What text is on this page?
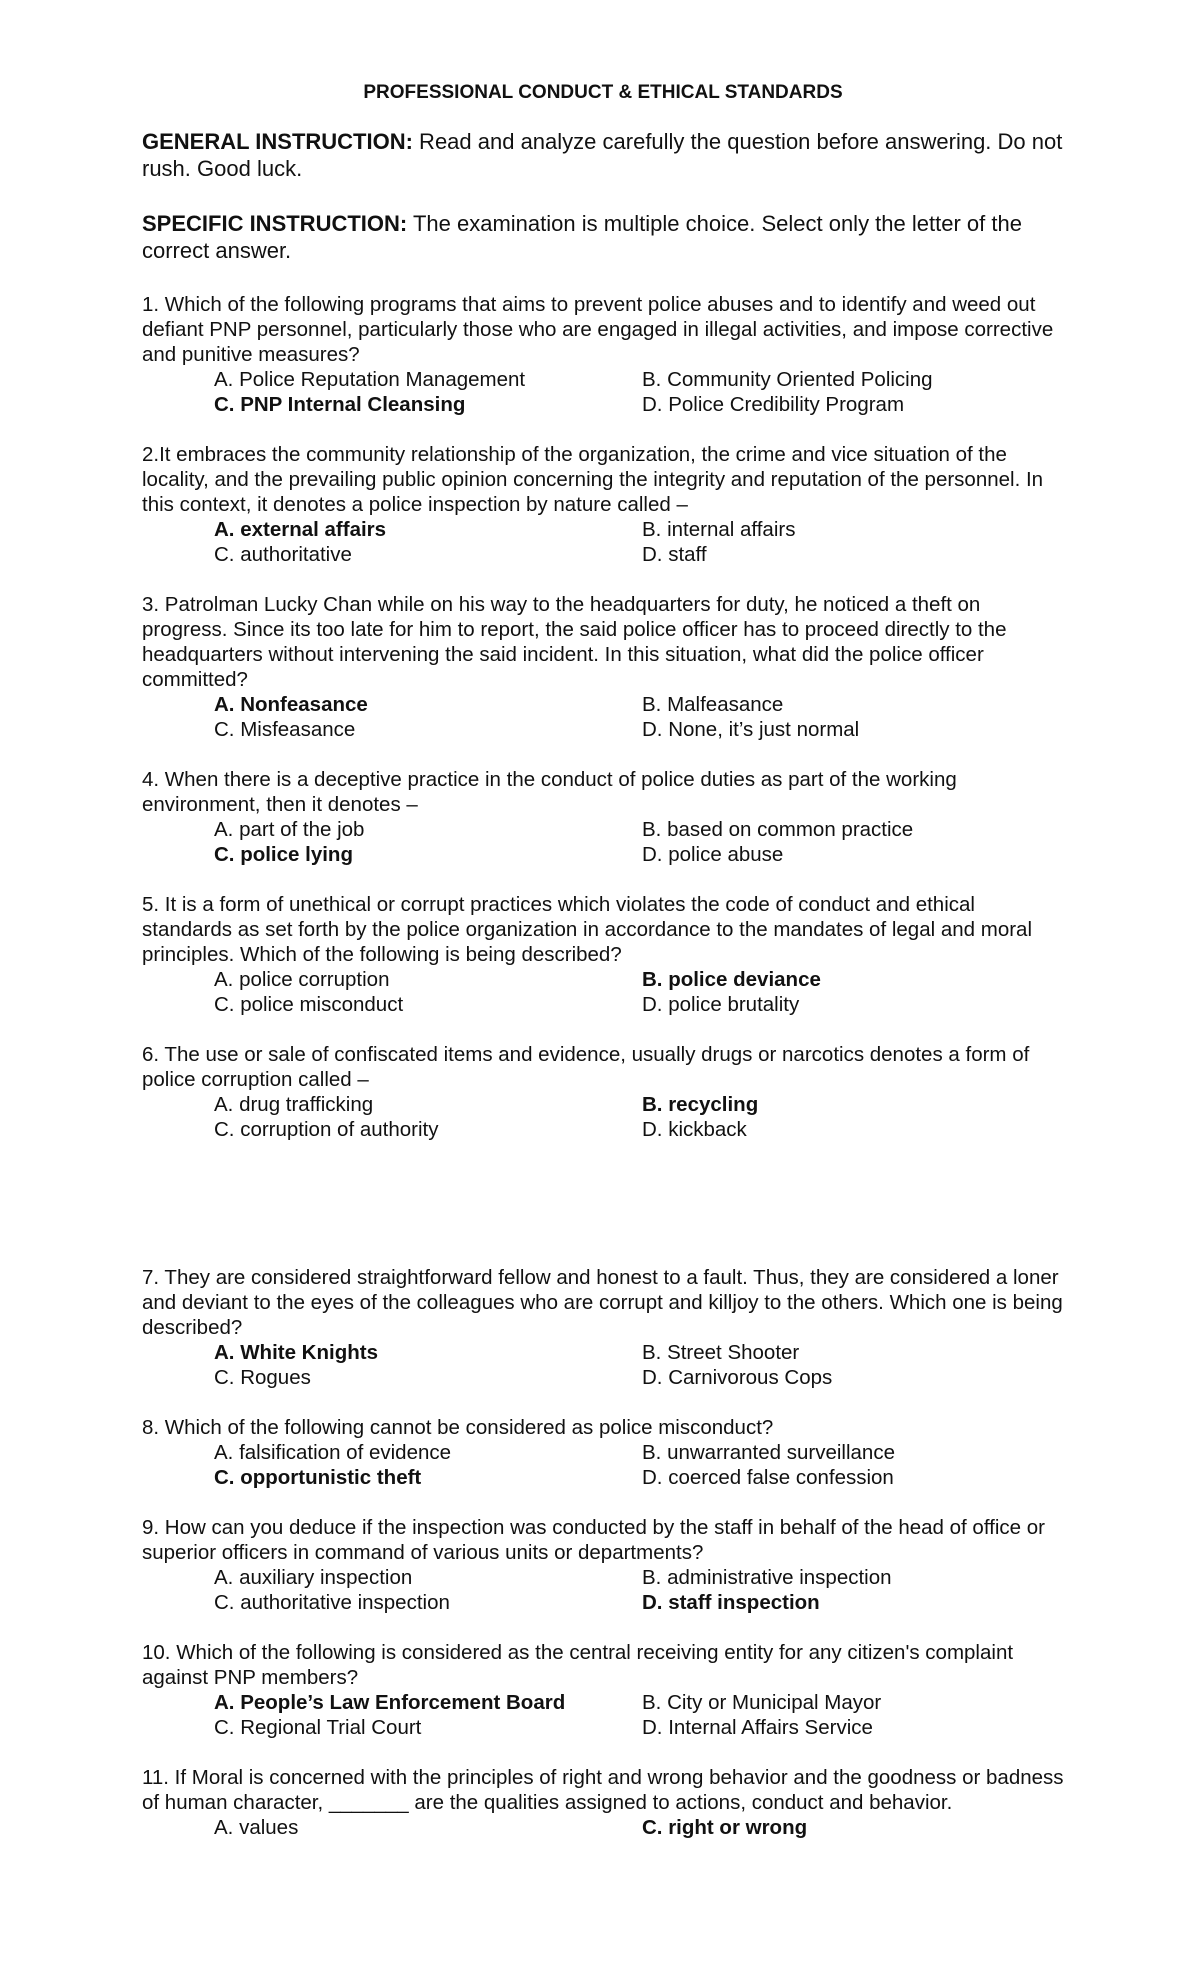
PROFESSIONAL CONDUCT & ETHICAL STANDARDS

GENERAL INSTRUCTION: Read and analyze carefully the question before answering. Do not rush. Good luck.

SPECIFIC INSTRUCTION: The examination is multiple choice. Select only the letter of the correct answer.

1. Which of the following programs that aims to prevent police abuses and to identify and weed out defiant PNP personnel, particularly those who are engaged in illegal activities, and impose corrective and punitive measures?

A. Police Reputation Management	B. Community Oriented Policing
C. PNP Internal Cleansing	D. Police Credibility Program

2.It embraces the community relationship of the organization, the crime and vice situation of the locality, and the prevailing public opinion concerning the integrity and reputation of the personnel. In this context, it denotes a police inspection by nature called –

A. external affairs	B. internal affairs
C. authoritative	D. staff

3. Patrolman Lucky Chan while on his way to the headquarters for duty, he noticed a theft on progress. Since its too late for him to report, the said police officer has to proceed directly to the headquarters without intervening the said incident. In this situation, what did the police officer committed?

A. Nonfeasance	B. Malfeasance
C. Misfeasance	D. None, it’s just normal

4. When there is a deceptive practice in the conduct of police duties as part of the working environment, then it denotes –

A. part of the job	B. based on common practice
C. police lying	D. police abuse

5. It is a form of unethical or corrupt practices which violates the code of conduct and ethical standards as set forth by the police organization in accordance to the mandates of legal and moral principles. Which of the following is being described?

A. police corruption	B. police deviance
C. police misconduct	D. police brutality

6. The use or sale of confiscated items and evidence, usually drugs or narcotics denotes a form of police corruption called –

A. drug trafficking	B. recycling
C. corruption of authority	D. kickback

7. They are considered straightforward fellow and honest to a fault. Thus, they are considered a loner and deviant to the eyes of the colleagues who are corrupt and killjoy to the others. Which one is being described?

A. White Knights	B. Street Shooter
C. Rogues	D. Carnivorous Cops

8. Which of the following cannot be considered as police misconduct?

A. falsification of evidence	B. unwarranted surveillance
C. opportunistic theft	D. coerced false confession

9. How can you deduce if the inspection was conducted by the staff in behalf of the head of office or superior officers in command of various units or departments?

A. auxiliary inspection	B. administrative inspection
C. authoritative inspection	D. staff inspection

10. Which of the following is considered as the central receiving entity for any citizen's complaint against PNP members?

A. People’s Law Enforcement Board	B. City or Municipal Mayor
C. Regional Trial Court	D. Internal Affairs Service

11. If Moral is concerned with the principles of right and wrong behavior and the goodness or badness of human character, _______ are the qualities assigned to actions, conduct and behavior.

A. values	C. right or wrong
